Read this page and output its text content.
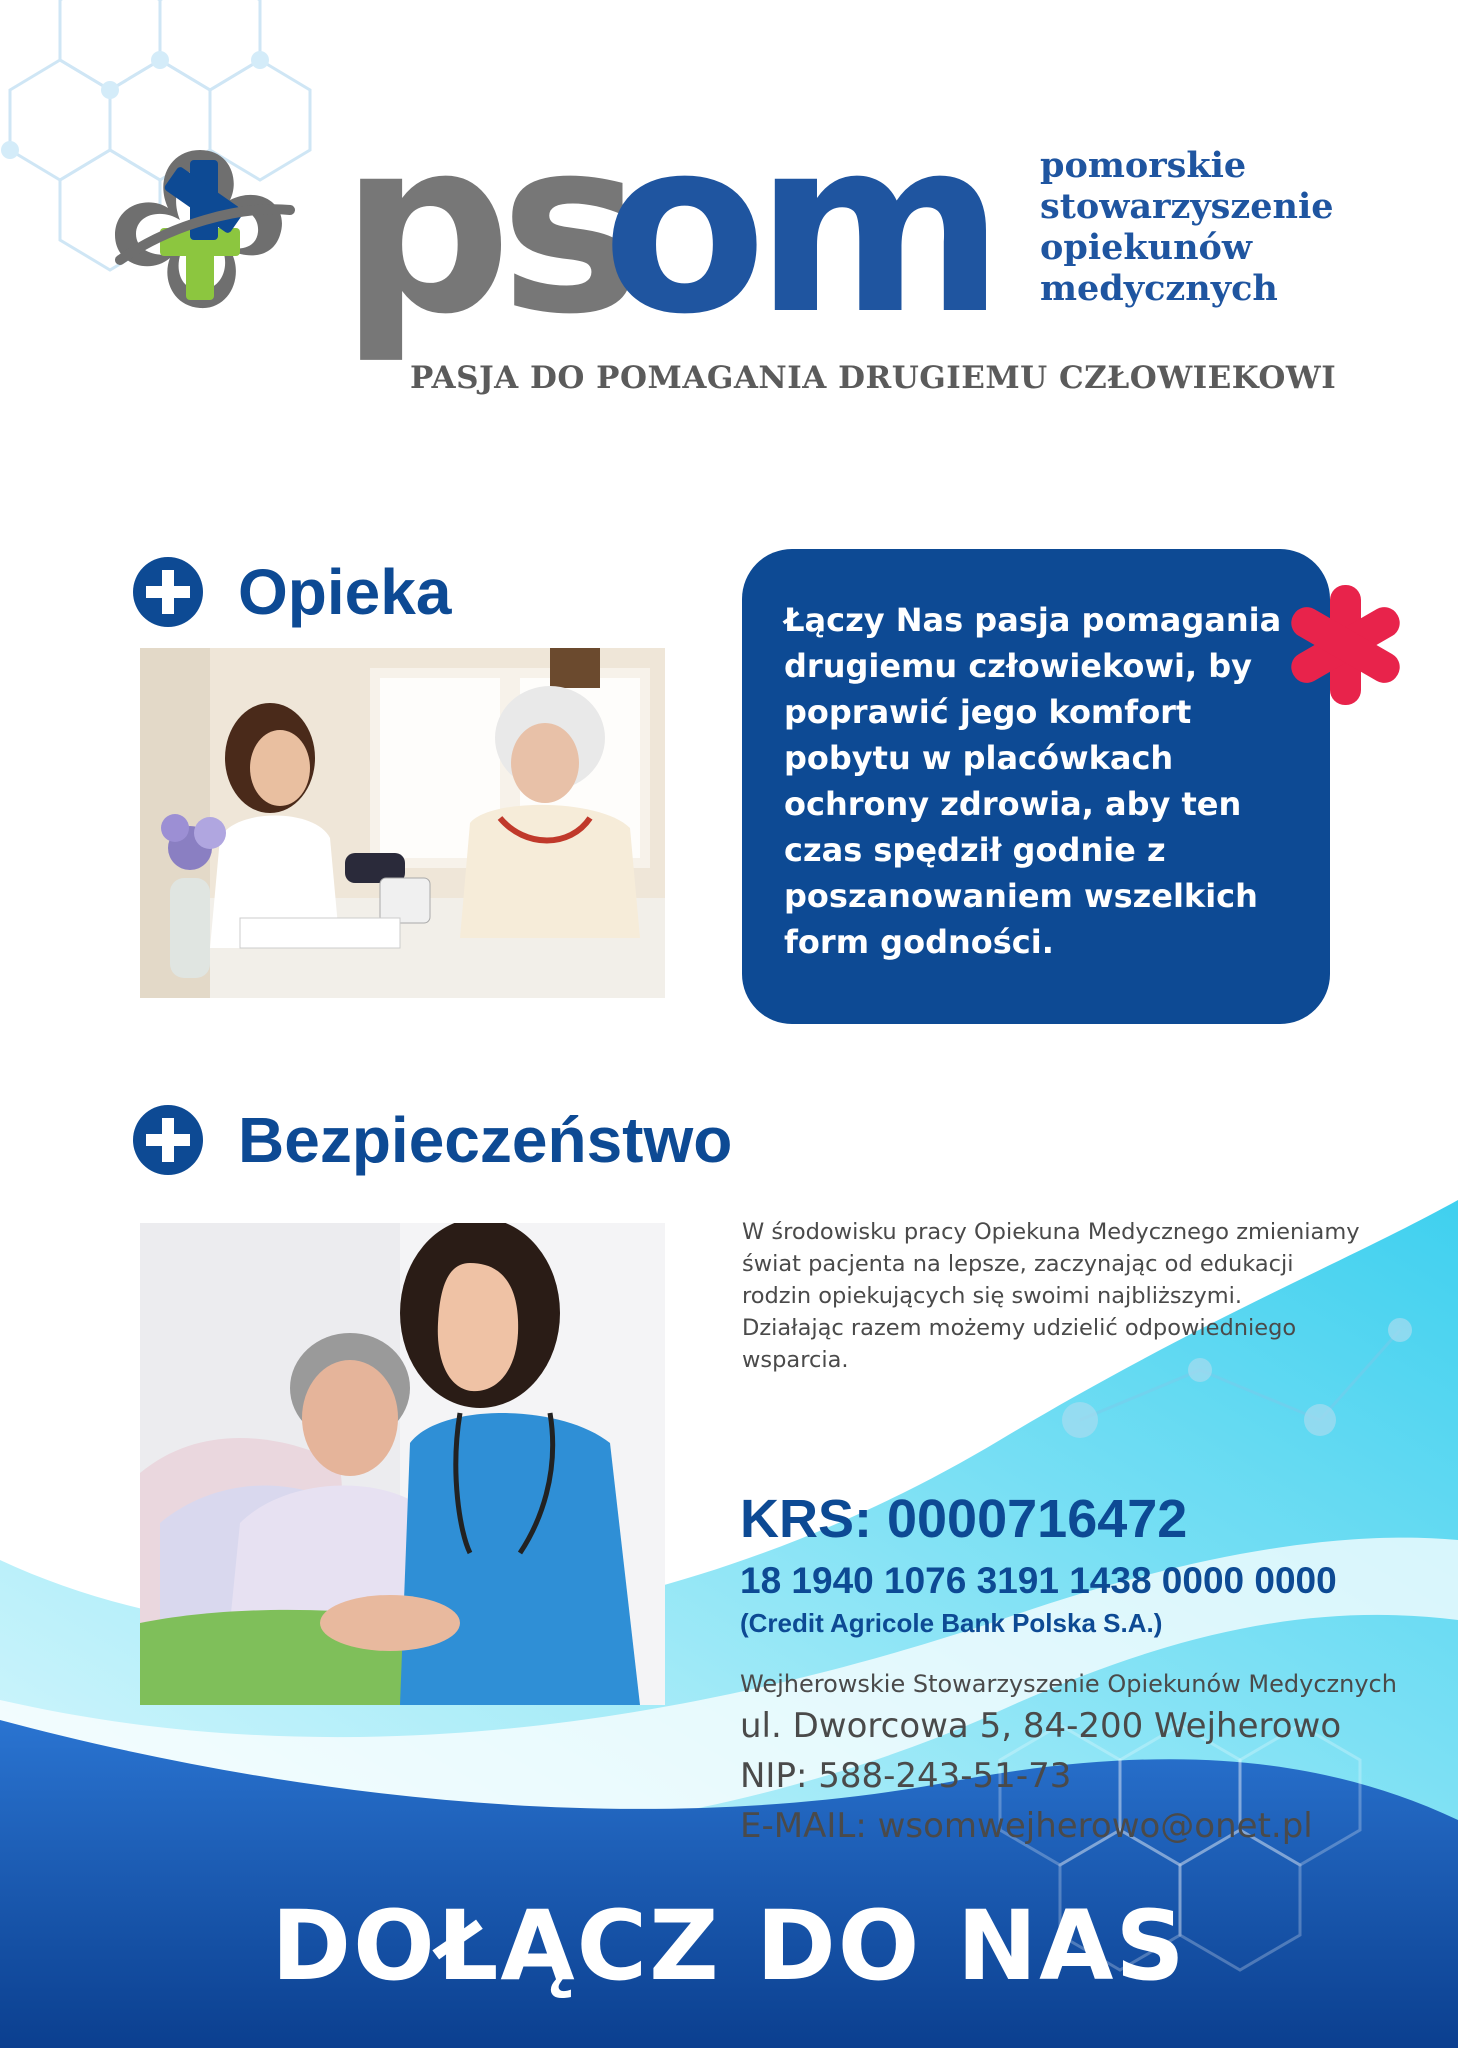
ps
om pomorskie
stowarzyszenie
opiekunów
medycznych
PASJA DO POMAGANIA DRUGIEMU CZŁOWIEKOWI
Opieka	Łączy Nas pasja pomagania drugiemu człowiekowi, by poprawić jego komfort pobytu w placówkach ochrony zdrowia, aby ten czas spędził godnie z poszanowaniem wszelkich form godności.

Bezpieczeństwo

W środowisku pracy Opiekuna Medycznego zmieniamy świat pacjenta na lepsze, zaczynając od edukacji rodzin opiekujących się swoimi najbliższymi.

Działając razem możemy udzielić odpowiedniego wsparcia.

KRS: 0000716472
18 1940 1076 3191 1438 0000 0000
(Credit Agricole Bank Polska S.A.)
Wejherowskie Stowarzyszenie Opiekunów Medycznych
ul. Dworcowa 5, 84-200 Wejherowo
NIP: 588-243-51-73
E-MAIL: wsomwejherowo@onet.pl
DOŁĄCZ DO NAS
